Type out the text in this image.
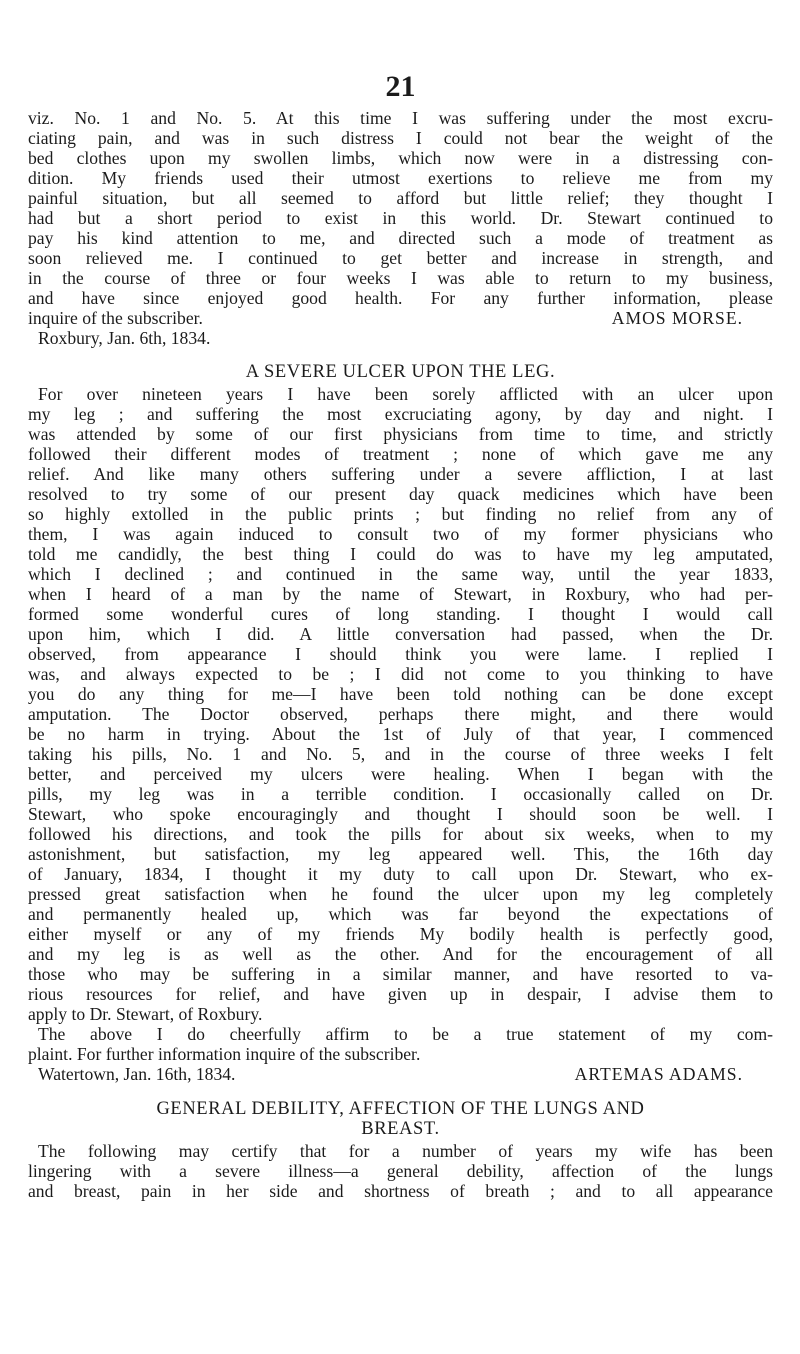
21
viz. No. 1 and No. 5. At this time I was suffering under the most excru-
ciating pain, and was in such distress I could not bear the weight of the
bed clothes upon my swollen limbs, which now were in a distressing con-
dition. My friends used their utmost exertions to relieve me from my
painful situation, but all seemed to afford but little relief; they thought I
had but a short period to exist in this world. Dr. Stewart continued to
pay his kind attention to me, and directed such a mode of treatment as
soon relieved me. I continued to get better and increase in strength, and
in the course of three or four weeks I was able to return to my business,
and have since enjoyed good health. For any further information, please
inquire of the subscriber.	AMOS MORSE.
Roxbury, Jan. 6th, 1834.
A SEVERE ULCER UPON THE LEG.
For over nineteen years I have been sorely afflicted with an ulcer upon
my leg ; and suffering the most excruciating agony, by day and night. I
was attended by some of our first physicians from time to time, and strictly
followed their different modes of treatment ; none of which gave me any
relief. And like many others suffering under a severe affliction, I at last
resolved to try some of our present day quack medicines which have been
so highly extolled in the public prints ; but finding no relief from any of
them, I was again induced to consult two of my former physicians who
told me candidly, the best thing I could do was to have my leg amputated,
which I declined ; and continued in the same way, until the year 1833,
when I heard of a man by the name of Stewart, in Roxbury, who had per-
formed some wonderful cures of long standing. I thought I would call
upon him, which I did. A little conversation had passed, when the Dr.
observed, from appearance I should think you were lame. I replied I
was, and always expected to be ; I did not come to you thinking to have
you do any thing for me—I have been told nothing can be done except
amputation. The Doctor observed, perhaps there might, and there would
be no harm in trying. About the 1st of July of that year, I commenced
taking his pills, No. 1 and No. 5, and in the course of three weeks I felt
better, and perceived my ulcers were healing. When I began with the
pills, my leg was in a terrible condition. I occasionally called on Dr.
Stewart, who spoke encouragingly and thought I should soon be well. I
followed his directions, and took the pills for about six weeks, when to my
astonishment, but satisfaction, my leg appeared well. This, the 16th day
of January, 1834, I thought it my duty to call upon Dr. Stewart, who ex-
pressed great satisfaction when he found the ulcer upon my leg completely
and permanently healed up, which was far beyond the expectations of
either myself or any of my friends My bodily health is perfectly good,
and my leg is as well as the other. And for the encouragement of all
those who may be suffering in a similar manner, and have resorted to va-
rious resources for relief, and have given up in despair, I advise them to
apply to Dr. Stewart, of Roxbury.
The above I do cheerfully affirm to be a true statement of my com-
plaint. For further information inquire of the subscriber.
Watertown, Jan. 16th, 1834.	ARTEMAS ADAMS.
GENERAL DEBILITY, AFFECTION OF THE LUNGS AND
BREAST.
The following may certify that for a number of years my wife has been
lingering with a severe illness—a general debility, affection of the lungs
and breast, pain in her side and shortness of breath ; and to all appearance
